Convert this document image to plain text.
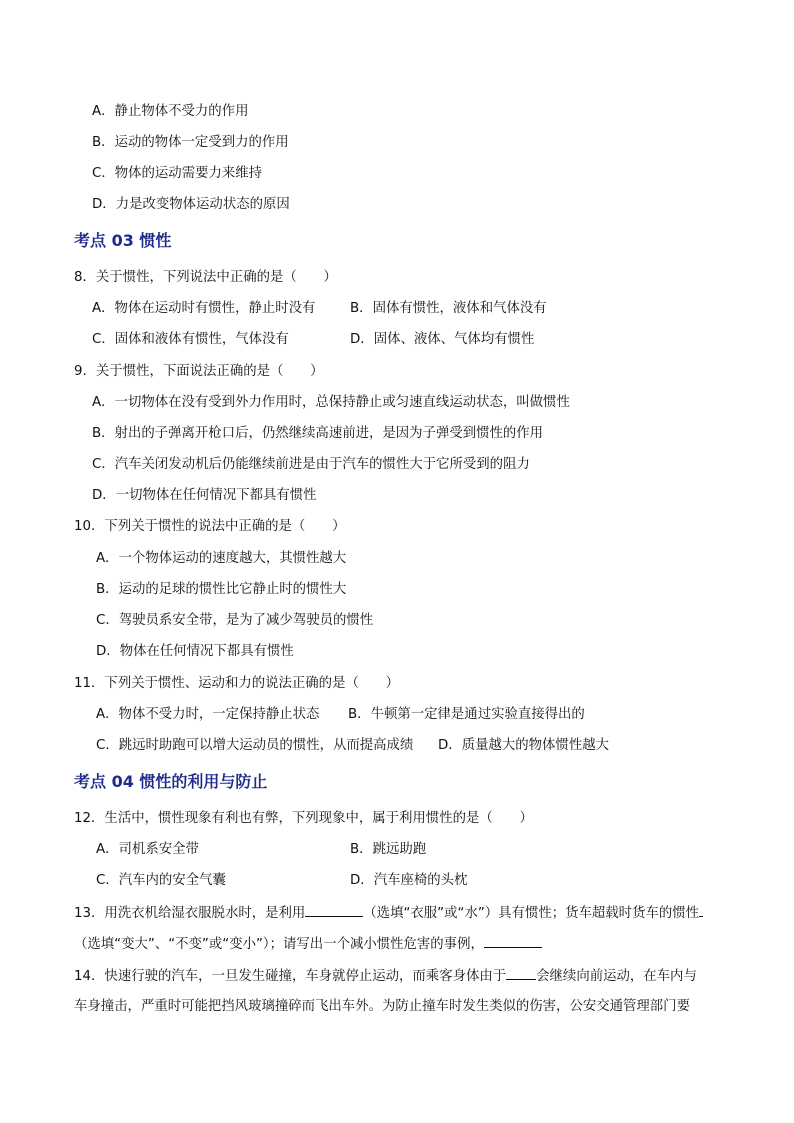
A．静止物体不受力的作用
B．运动的物体一定受到力的作用
C．物体的运动需要力来维持
D．力是改变物体运动状态的原因
考点 03 惯性
8．关于惯性，下列说法中正确的是（　　）
A．物体在运动时有惯性，静止时没有	B．固体有惯性，液体和气体没有
C．固体和液体有惯性，气体没有	D．固体、液体、气体均有惯性
9．关于惯性，下面说法正确的是（　　）
A．一切物体在没有受到外力作用时，总保持静止或匀速直线运动状态，叫做惯性
B．射出的子弹离开枪口后，仍然继续高速前进，是因为子弹受到惯性的作用
C．汽车关闭发动机后仍能继续前进是由于汽车的惯性大于它所受到的阻力
D．一切物体在任何情况下都具有惯性
10．下列关于惯性的说法中正确的是（　　）
A．一个物体运动的速度越大，其惯性越大
B．运动的足球的惯性比它静止时的惯性大
C．驾驶员系安全带，是为了减少驾驶员的惯性
D．物体在任何情况下都具有惯性
11．下列关于惯性、运动和力的说法正确的是（　　）
A．物体不受力时，一定保持静止状态 B．牛顿第一定律是通过实验直接得出的
C．跳远时助跑可以增大运动员的惯性，从而提高成绩 D．质量越大的物体惯性越大
考点 04 惯性的利用与防止
12．生活中，惯性现象有利也有弊，下列现象中，属于利用惯性的是（　　）
A．司机系安全带	B．跳远助跑
C．汽车内的安全气囊	D．汽车座椅的头枕
13．用洗衣机给湿衣服脱水时，是利用	（选填“衣服”或“水”）具有惯性；货车超载时货车的惯性
（选填“变大”、“不变”或“变小”）；请写出一个减小惯性危害的事例，
14．快速行驶的汽车，一旦发生碰撞，车身就停止运动，而乘客身体由于 会继续向前运动，在车内与
车身撞击，严重时可能把挡风玻璃撞碎而飞出车外。为防止撞车时发生类似的伤害，公安交通管理部门要
